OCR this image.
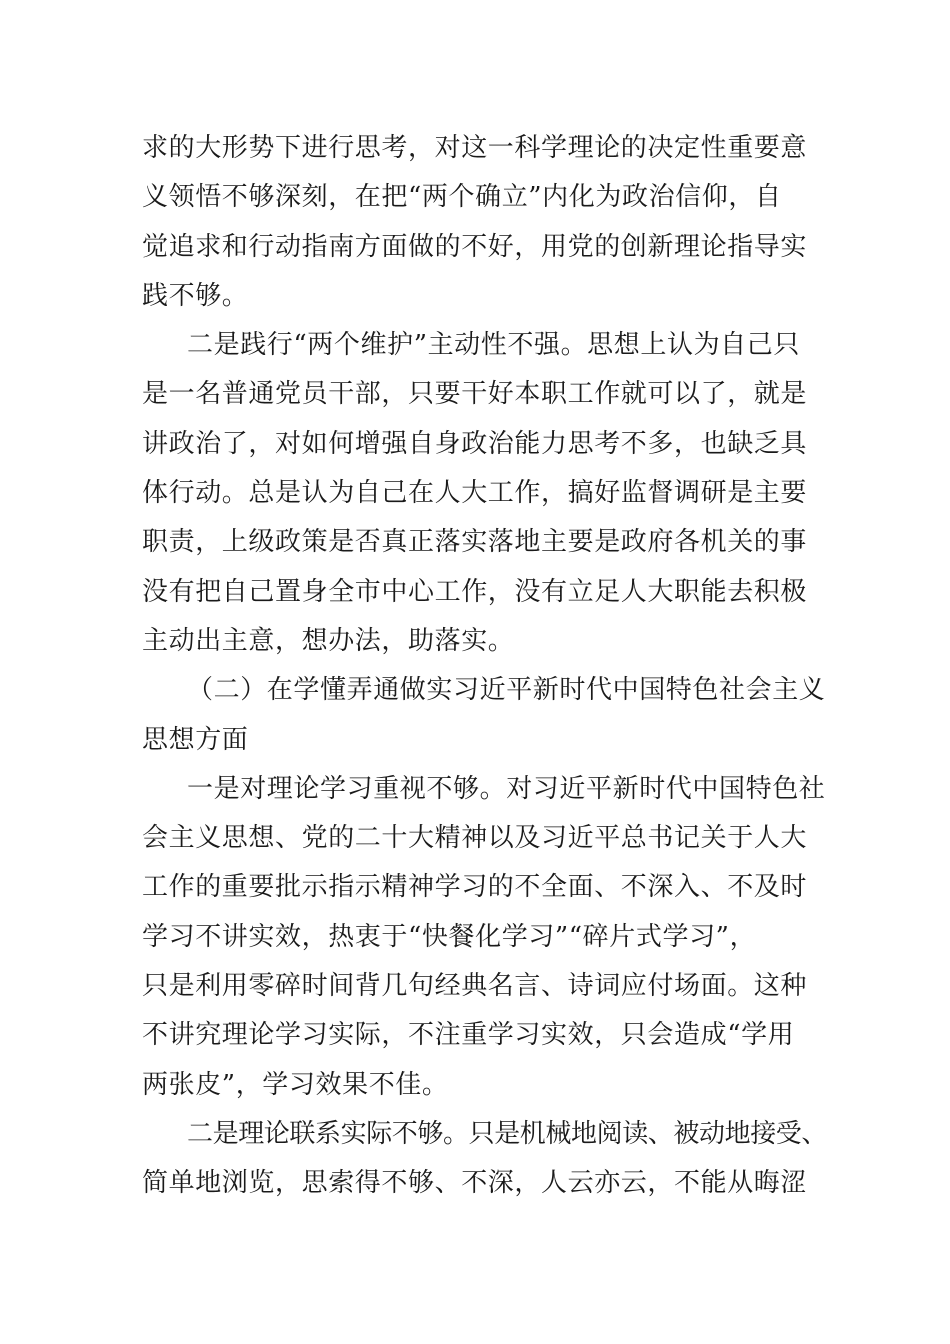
求的大形势下进行思考，对这一科学理论的决定性重要意
义领悟不够深刻，在把“两个确立”内化为政治信仰，自
觉追求和行动指南方面做的不好，用党的创新理论指导实
践不够。
二是践行“两个维护”主动性不强。思想上认为自己只
是一名普通党员干部，只要干好本职工作就可以了，就是
讲政治了，对如何增强自身政治能力思考不多，也缺乏具
体行动。总是认为自己在人大工作，搞好监督调研是主要
职责，上级政策是否真正落实落地主要是政府各机关的事
没有把自己置身全市中心工作，没有立足人大职能去积极
主动出主意，想办法，助落实。
（二）在学懂弄通做实习近平新时代中国特色社会主义
思想方面
一是对理论学习重视不够。对习近平新时代中国特色社
会主义思想、党的二十大精神以及习近平总书记关于人大
工作的重要批示指示精神学习的不全面、不深入、不及时
学习不讲实效，热衷于“快餐化学习”“碎片式学习”，
只是利用零碎时间背几句经典名言、诗词应付场面。这种
不讲究理论学习实际，不注重学习实效，只会造成“学用
两张皮”，学习效果不佳。
二是理论联系实际不够。只是机械地阅读、被动地接受、
简单地浏览，思索得不够、不深，人云亦云，不能从晦涩
